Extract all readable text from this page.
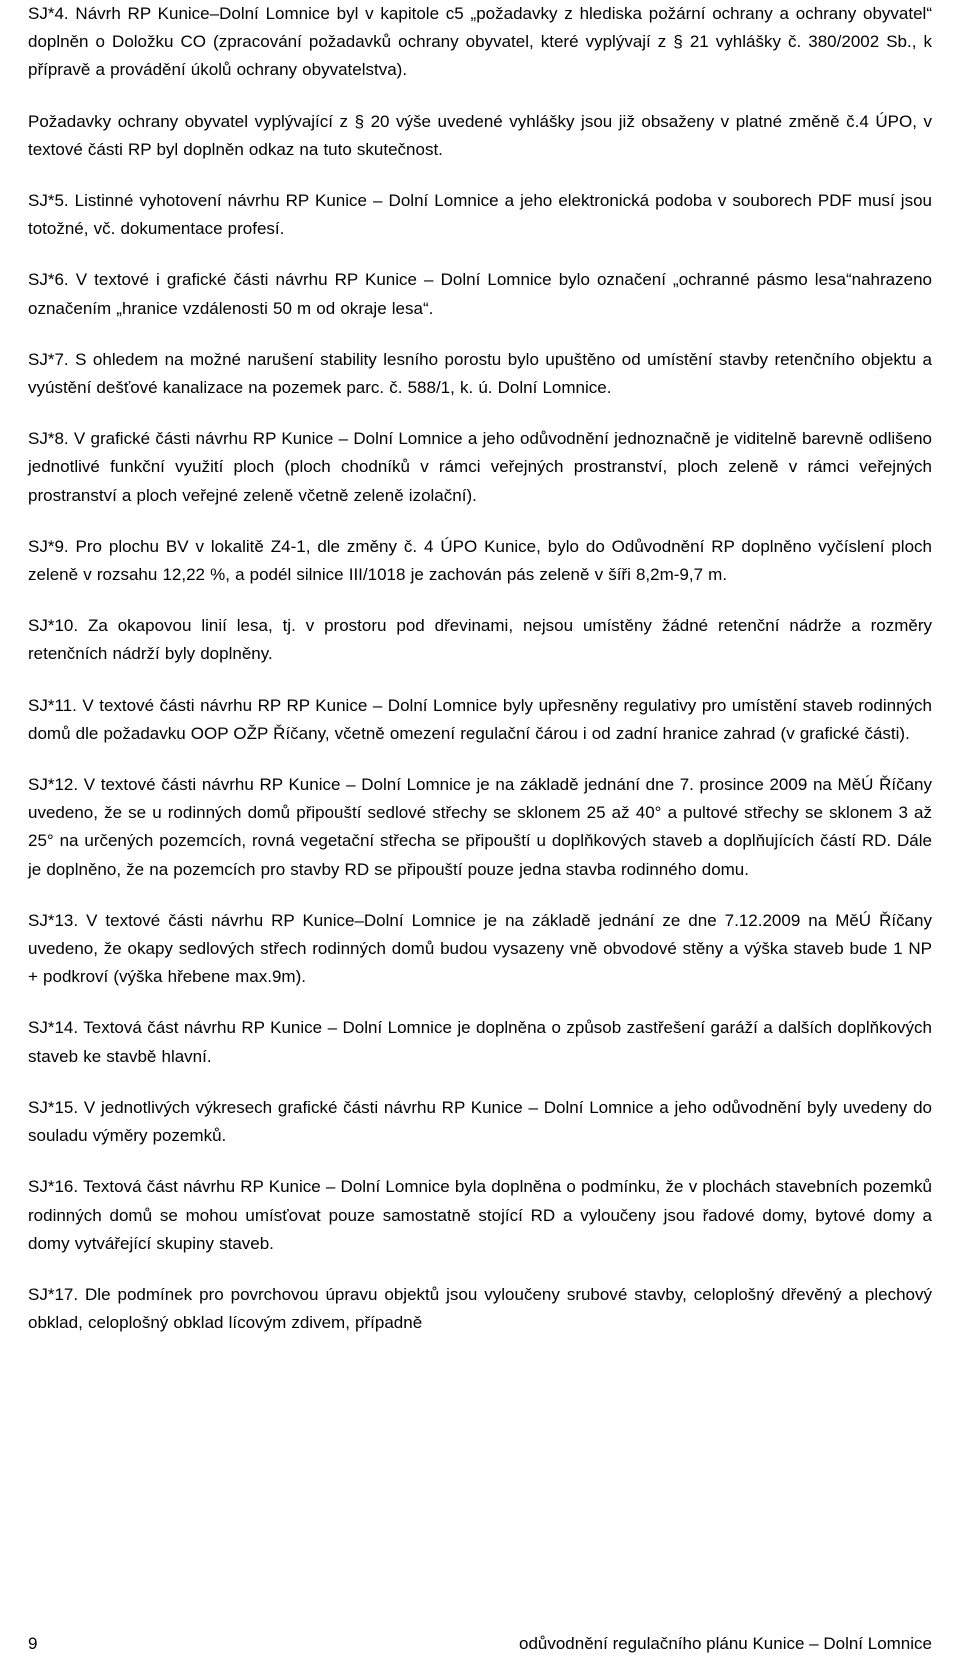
SJ*4. Návrh RP Kunice–Dolní Lomnice byl v kapitole c5 „požadavky z hlediska požární ochrany a ochrany obyvatel“ doplněn o Doložku CO (zpracování požadavků ochrany obyvatel, které vyplývají z § 21 vyhlášky č. 380/2002 Sb., k přípravě a provádění úkolů ochrany obyvatelstva).

Požadavky ochrany obyvatel vyplývající z § 20 výše uvedené vyhlášky jsou již obsaženy v platné změně č.4 ÚPO, v textové části RP byl doplněn odkaz na tuto skutečnost.

SJ*5. Listinné vyhotovení návrhu RP Kunice – Dolní Lomnice a jeho elektronická podoba v souborech PDF musí jsou totožné, vč. dokumentace profesí.

SJ*6. V textové i grafické části návrhu RP Kunice – Dolní Lomnice bylo označení „ochranné pásmo lesa“nahrazeno označením „hranice vzdálenosti 50 m od okraje lesa“.

SJ*7. S ohledem na možné narušení stability lesního porostu bylo upuštěno od umístění stavby retenčního objektu a vyústění dešťové kanalizace na pozemek parc. č. 588/1, k. ú. Dolní Lomnice.

SJ*8. V grafické části návrhu RP Kunice – Dolní Lomnice a jeho odůvodnění jednoznačně je viditelně barevně odlišeno jednotlivé funkční využití ploch (ploch chodníků v rámci veřejných prostranství, ploch zeleně v rámci veřejných prostranství a ploch veřejné zeleně včetně zeleně izolační).

SJ*9. Pro plochu BV v lokalitě Z4-1, dle změny č. 4 ÚPO Kunice, bylo do Odůvodnění RP doplněno vyčíslení ploch zeleně v rozsahu 12,22 %, a podél silnice III/1018 je zachován pás zeleně v šíři 8,2m-9,7 m.

SJ*10. Za okapovou linií lesa, tj. v prostoru pod dřevinami, nejsou umístěny žádné retenční nádrže a rozměry retenčních nádrží byly doplněny.

SJ*11. V textové části návrhu RP RP Kunice – Dolní Lomnice byly upřesněny regulativy pro umístění staveb rodinných domů dle požadavku OOP OŽP Říčany, včetně omezení regulační čárou i od zadní hranice zahrad (v grafické části).

SJ*12. V textové části návrhu RP Kunice – Dolní Lomnice je na základě jednání dne 7. prosince 2009 na MěÚ Říčany uvedeno, že se u rodinných domů připouští sedlové střechy se sklonem 25 až 40° a pultové střechy se sklonem 3 až 25° na určených pozemcích, rovná vegetační střecha se připouští u doplňkových staveb a doplňujících částí RD. Dále je doplněno, že na pozemcích pro stavby RD se připouští pouze jedna stavba rodinného domu.

SJ*13. V textové části návrhu RP Kunice–Dolní Lomnice je na základě jednání ze dne 7.12.2009 na MěÚ Říčany uvedeno, že okapy sedlových střech rodinných domů budou vysazeny vně obvodové stěny a výška staveb bude 1 NP + podkroví (výška hřebene max.9m).

SJ*14. Textová část návrhu RP Kunice – Dolní Lomnice je doplněna o způsob zastřešení garáží a dalších doplňkových staveb ke stavbě hlavní.

SJ*15. V jednotlivých výkresech grafické části návrhu RP Kunice – Dolní Lomnice a jeho odůvodnění byly uvedeny do souladu výměry pozemků.

SJ*16. Textová část návrhu RP Kunice – Dolní Lomnice byla doplněna o podmínku, že v plochách stavebních pozemků rodinných domů se mohou umísťovat pouze samostatně stojící RD a vyloučeny jsou řadové domy, bytové domy a domy vytvářející skupiny staveb.

SJ*17. Dle podmínek pro povrchovou úpravu objektů jsou vyloučeny srubové stavby, celoplošný dřevěný a plechový obklad, celoplošný obklad lícovým zdivem, případně

9	odůvodnění regulačního plánu Kunice – Dolní Lomnice
